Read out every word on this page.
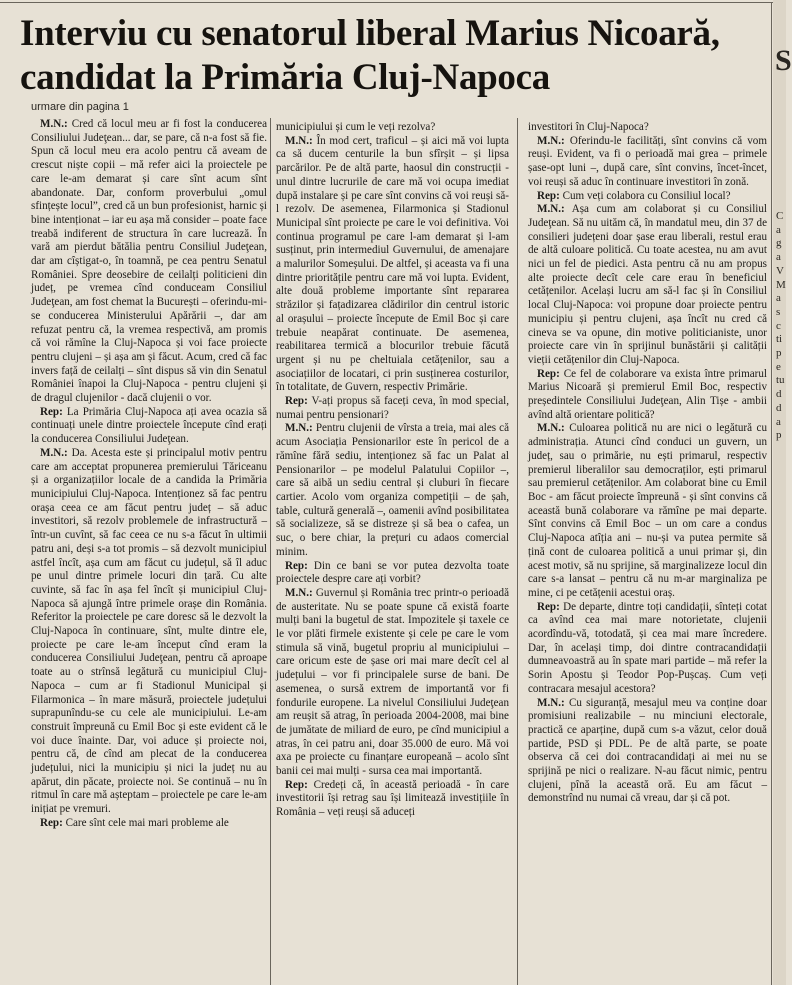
Interviu cu senatorul liberal Marius Nicoară,
candidat la Primăria Cluj-Napoca
urmare din pagina 1

M.N.: Cred că locul meu ar fi fost la conducerea Consiliului Judeţean... dar, se pare, că n-a fost să fie. Spun că locul meu era acolo pentru că aveam de crescut niște copii – mă refer aici la proiectele pe care le-am demarat și care sînt acum sînt abandonate. Dar, conform proverbului „omul sfințește locul”, cred că un bun profesionist, harnic și bine intenționat – iar eu așa mă consider – poate face treabă indiferent de structura în care lucrează. În vară am pierdut bătălia pentru Consiliul Judeţean, dar am cîștigat-o, în toamnă, pe cea pentru Senatul României. Spre deosebire de ceilalți politicieni din județ, pe vremea cînd conduceam Consiliul Judeţean, am fost chemat la București – oferindu-mi-se conducerea Ministerului Apărării –, dar am refuzat pentru că, la vremea respectivă, am promis că voi rămîne la Cluj-Napoca și voi face proiecte pentru clujeni – și așa am și făcut. Acum, cred că fac invers față de ceilalți – sînt dispus să vin din Senatul României înapoi la Cluj-Napoca - pentru clujeni și de dragul clujenilor - dacă clujenii o vor.

Rep: La Primăria Cluj-Napoca ați avea ocazia să continuați unele dintre proiectele începute cînd erați la conducerea Consiliului Judeţean.

M.N.: Da. Acesta este și principalul motiv pentru care am acceptat propunerea premierului Tăriceanu și a organizațiilor locale de a candida la Primăria municipiului Cluj-Napoca. Intenționez să fac pentru orașa ceea ce am făcut pentru județ – să aduc investitori, să rezolv problemele de infrastructură – într-un cuvînt, să fac ceea ce nu s-a făcut în ultimii patru ani, deși s-a tot promis – să dezvolt municipiul astfel încît, așa cum am făcut cu județul, să îl aduc pe unul dintre primele locuri din țară. Cu alte cuvinte, să fac în așa fel încît și municipiul Cluj-Napoca să ajungă între primele orașe din România. Referitor la proiectele pe care doresc să le dezvolt la Cluj-Napoca în continuare, sînt, multe dintre ele, proiecte pe care le-am început cînd eram la conducerea Consiliului Judeţean, pentru că aproape toate au o strînsă legătură cu municipiul Cluj-Napoca – cum ar fi Stadionul Municipal și Filarmonica – în mare măsură, proiectele județului suprapunîndu-se cu cele ale municipiului. Le-am construit împreună cu Emil Boc și este evident că le voi duce înainte. Dar, voi aduce și proiecte noi, pentru că, de cînd am plecat de la conducerea județului, nici la municipiu și nici la județ nu au apărut, din păcate, proiecte noi. Se continuă – nu în ritmul în care mă așteptam – proiectele pe care le-am inițiat pe vremuri.

Rep: Care sînt cele mai mari probleme ale

municipiului și cum le veți rezolva?

M.N.: În mod cert, traficul – și aici mă voi lupta ca să ducem centurile la bun sfîrșit – și lipsa parcărilor. Pe de altă parte, haosul din construcții - unul dintre lucrurile de care mă voi ocupa imediat după instalare și pe care sînt convins că voi reuși să-l rezolv. De asemenea, Filarmonica și Stadionul Municipal sînt proiecte pe care le voi definitiva. Voi continua programul pe care l-am demarat și l-am susținut, prin intermediul Guvernului, de amenajare a malurilor Someșului. De altfel, și aceasta va fi una dintre prioritățile pentru care mă voi lupta. Evident, alte două probleme importante sînt repararea străzilor și fațadizarea clădirilor din centrul istoric al orașului – proiecte începute de Emil Boc și care trebuie neapărat continuate. De asemenea, reabilitarea termică a blocurilor trebuie făcută urgent și nu pe cheltuiala cetățenilor, sau a asociațiilor de locatari, ci prin susținerea costurilor, în totalitate, de Guvern, respectiv Primărie.

Rep: V-ați propus să faceți ceva, în mod special, numai pentru pensionari?

M.N.: Pentru clujenii de vîrsta a treia, mai ales că acum Asociația Pensionarilor este în pericol de a rămîne fără sediu, intenționez să fac un Palat al Pensionarilor – pe modelul Palatului Copiilor –, care să aibă un sediu central și cluburi în fiecare cartier. Acolo vom organiza competiții – de șah, table, cultură generală –, oamenii avînd posibilitatea să socializeze, să se distreze și să bea o cafea, un suc, o bere chiar, la prețuri cu adaos comercial minim.

Rep: Din ce bani se vor putea dezvolta toate proiectele despre care ați vorbit?

M.N.: Guvernul și România trec printr-o perioadă de austeritate. Nu se poate spune că există foarte mulți bani la bugetul de stat. Impozitele și taxele ce le vor plăti firmele existente și cele pe care le vom stimula să vină, bugetul propriu al municipiului – care oricum este de șase ori mai mare decît cel al județului – vor fi principalele surse de bani. De asemenea, o sursă extrem de importantă vor fi fondurile europene. La nivelul Consiliului Judeţean am reușit să atrag, în perioada 2004-2008, mai bine de jumătate de miliard de euro, pe cînd municipiul a atras, în cei patru ani, doar 35.000 de euro. Mă voi axa pe proiecte cu finanțare europeană – acolo sînt banii cei mai mulți - sursa cea mai importantă.

Rep: Credeți că, în această perioadă - în care investitorii își retrag sau își limitează investițiile în România – veți reuși să aduceți

investitori în Cluj-Napoca?

M.N.: Oferindu-le facilități, sînt convins că vom reuși. Evident, va fi o perioadă mai grea – primele șase-opt luni –, după care, sînt convins, încet-încet, voi reuși să aduc în continuare investitori în zonă.

Rep: Cum veți colabora cu Consiliul local?

M.N.: Așa cum am colaborat și cu Consiliul Judeţean. Să nu uităm că, în mandatul meu, din 37 de consilieri județeni doar șase erau liberali, restul erau de altă culoare politică. Cu toate acestea, nu am avut nici un fel de piedici. Asta pentru că nu am propus alte proiecte decît cele care erau în beneficiul cetățenilor. Același lucru am să-l fac și în Consiliul local Cluj-Napoca: voi propune doar proiecte pentru municipiu și pentru clujeni, așa încît nu cred că cineva se va opune, din motive politicianiste, unor proiecte care vin în sprijinul bunăstării și calității vieții cetățenilor din Cluj-Napoca.

Rep: Ce fel de colaborare va exista între primarul Marius Nicoară și premierul Emil Boc, respectiv președintele Consiliului Judeţean, Alin Tișe - ambii avînd altă orientare politică?

M.N.: Culoarea politică nu are nici o legătură cu administrația. Atunci cînd conduci un guvern, un județ, sau o primărie, nu ești primarul, respectiv premierul liberalilor sau democraților, ești primarul sau premierul cetățenilor. Am colaborat bine cu Emil Boc - am făcut proiecte împreună - și sînt convins că această bună colaborare va rămîne pe mai departe. Sînt convins că Emil Boc – un om care a condus Cluj-Napoca atîția ani – nu-și va putea permite să țină cont de culoarea politică a unui primar și, din acest motiv, să nu sprijine, să marginalizeze locul din care s-a lansat – pentru că nu m-ar marginaliza pe mine, ci pe cetățenii acestui oraș.

Rep: De departe, dintre toți candidații, sînteți cotat ca avînd cea mai mare notorietate, clujenii acordîndu-vă, totodată, și cea mai mare încredere. Dar, în același timp, doi dintre contracandidații dumneavoastră au în spate mari partide – mă refer la Sorin Apostu și Teodor Pop-Pușcaș. Cum veți contracara mesajul acestora?

M.N.: Cu siguranță, mesajul meu va conține doar promisiuni realizabile – nu minciuni electorale, practică ce aparține, după cum s-a văzut, celor două partide, PSD și PDL. Pe de altă parte, se poate observa că cei doi contracandidați ai mei nu se sprijină pe nici o realizare. N-au făcut nimic, pentru clujeni, pînă la această oră. Eu am făcut – demonstrînd nu numai că vreau, dar și că pot.

S
C a g a V M a s c ti p e tu d d a p
